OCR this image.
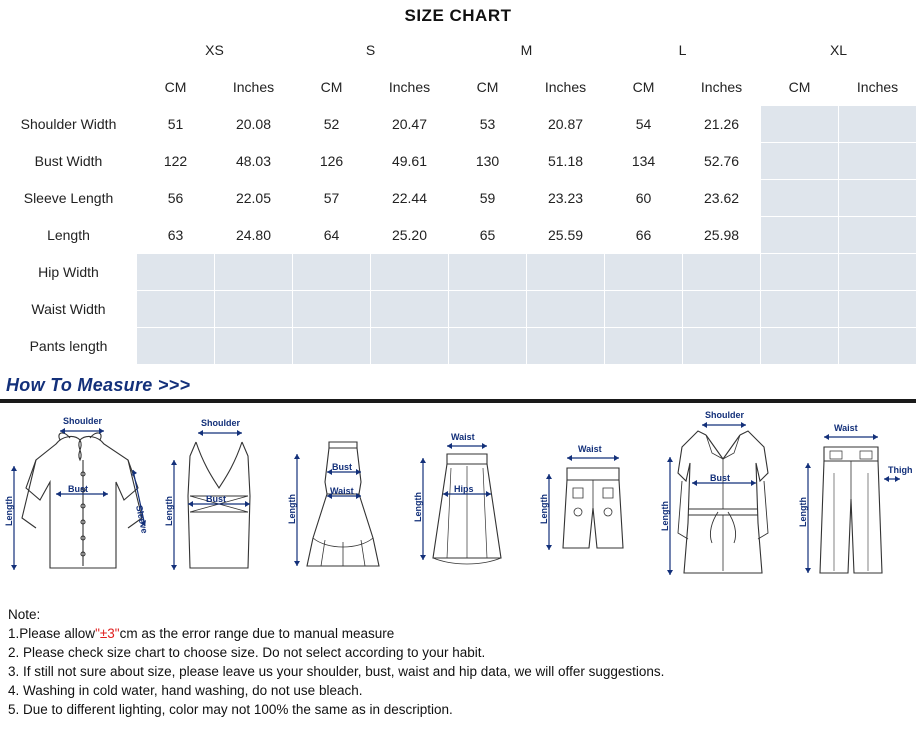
SIZE CHART
	XS		S		M		L		XL	
	CM	Inches	CM	Inches	CM	Inches	CM	Inches	CM	Inches
Shoulder Width	51	20.08	52	20.47	53	20.87	54	21.26		
Bust Width	122	48.03	126	49.61	130	51.18	134	52.76		
Sleeve Length	56	22.05	57	22.44	59	23.23	60	23.62		
Length	63	24.80	64	25.20	65	25.59	66	25.98		
Hip Width										
Waist Width										
Pants length										
How To Measure >>>
Shoulder
Bust
Sleeve
Length
Shoulder
Bust
Length
Bust
Waist
Length
Waist
Hips
Length
Waist
Length
Shoulder
Bust
Length
Waist
Thigh
Length
Note:
1.Please allow"±3"cm as the error range due to manual measure
2. Please check size chart to choose size. Do not select according to your habit.
3. If still not sure about size, please leave us your shoulder, bust, waist and hip data, we will offer suggestions.
4. Washing in cold water, hand washing, do not use bleach.
5. Due to different lighting, color may not 100% the same as in description.
